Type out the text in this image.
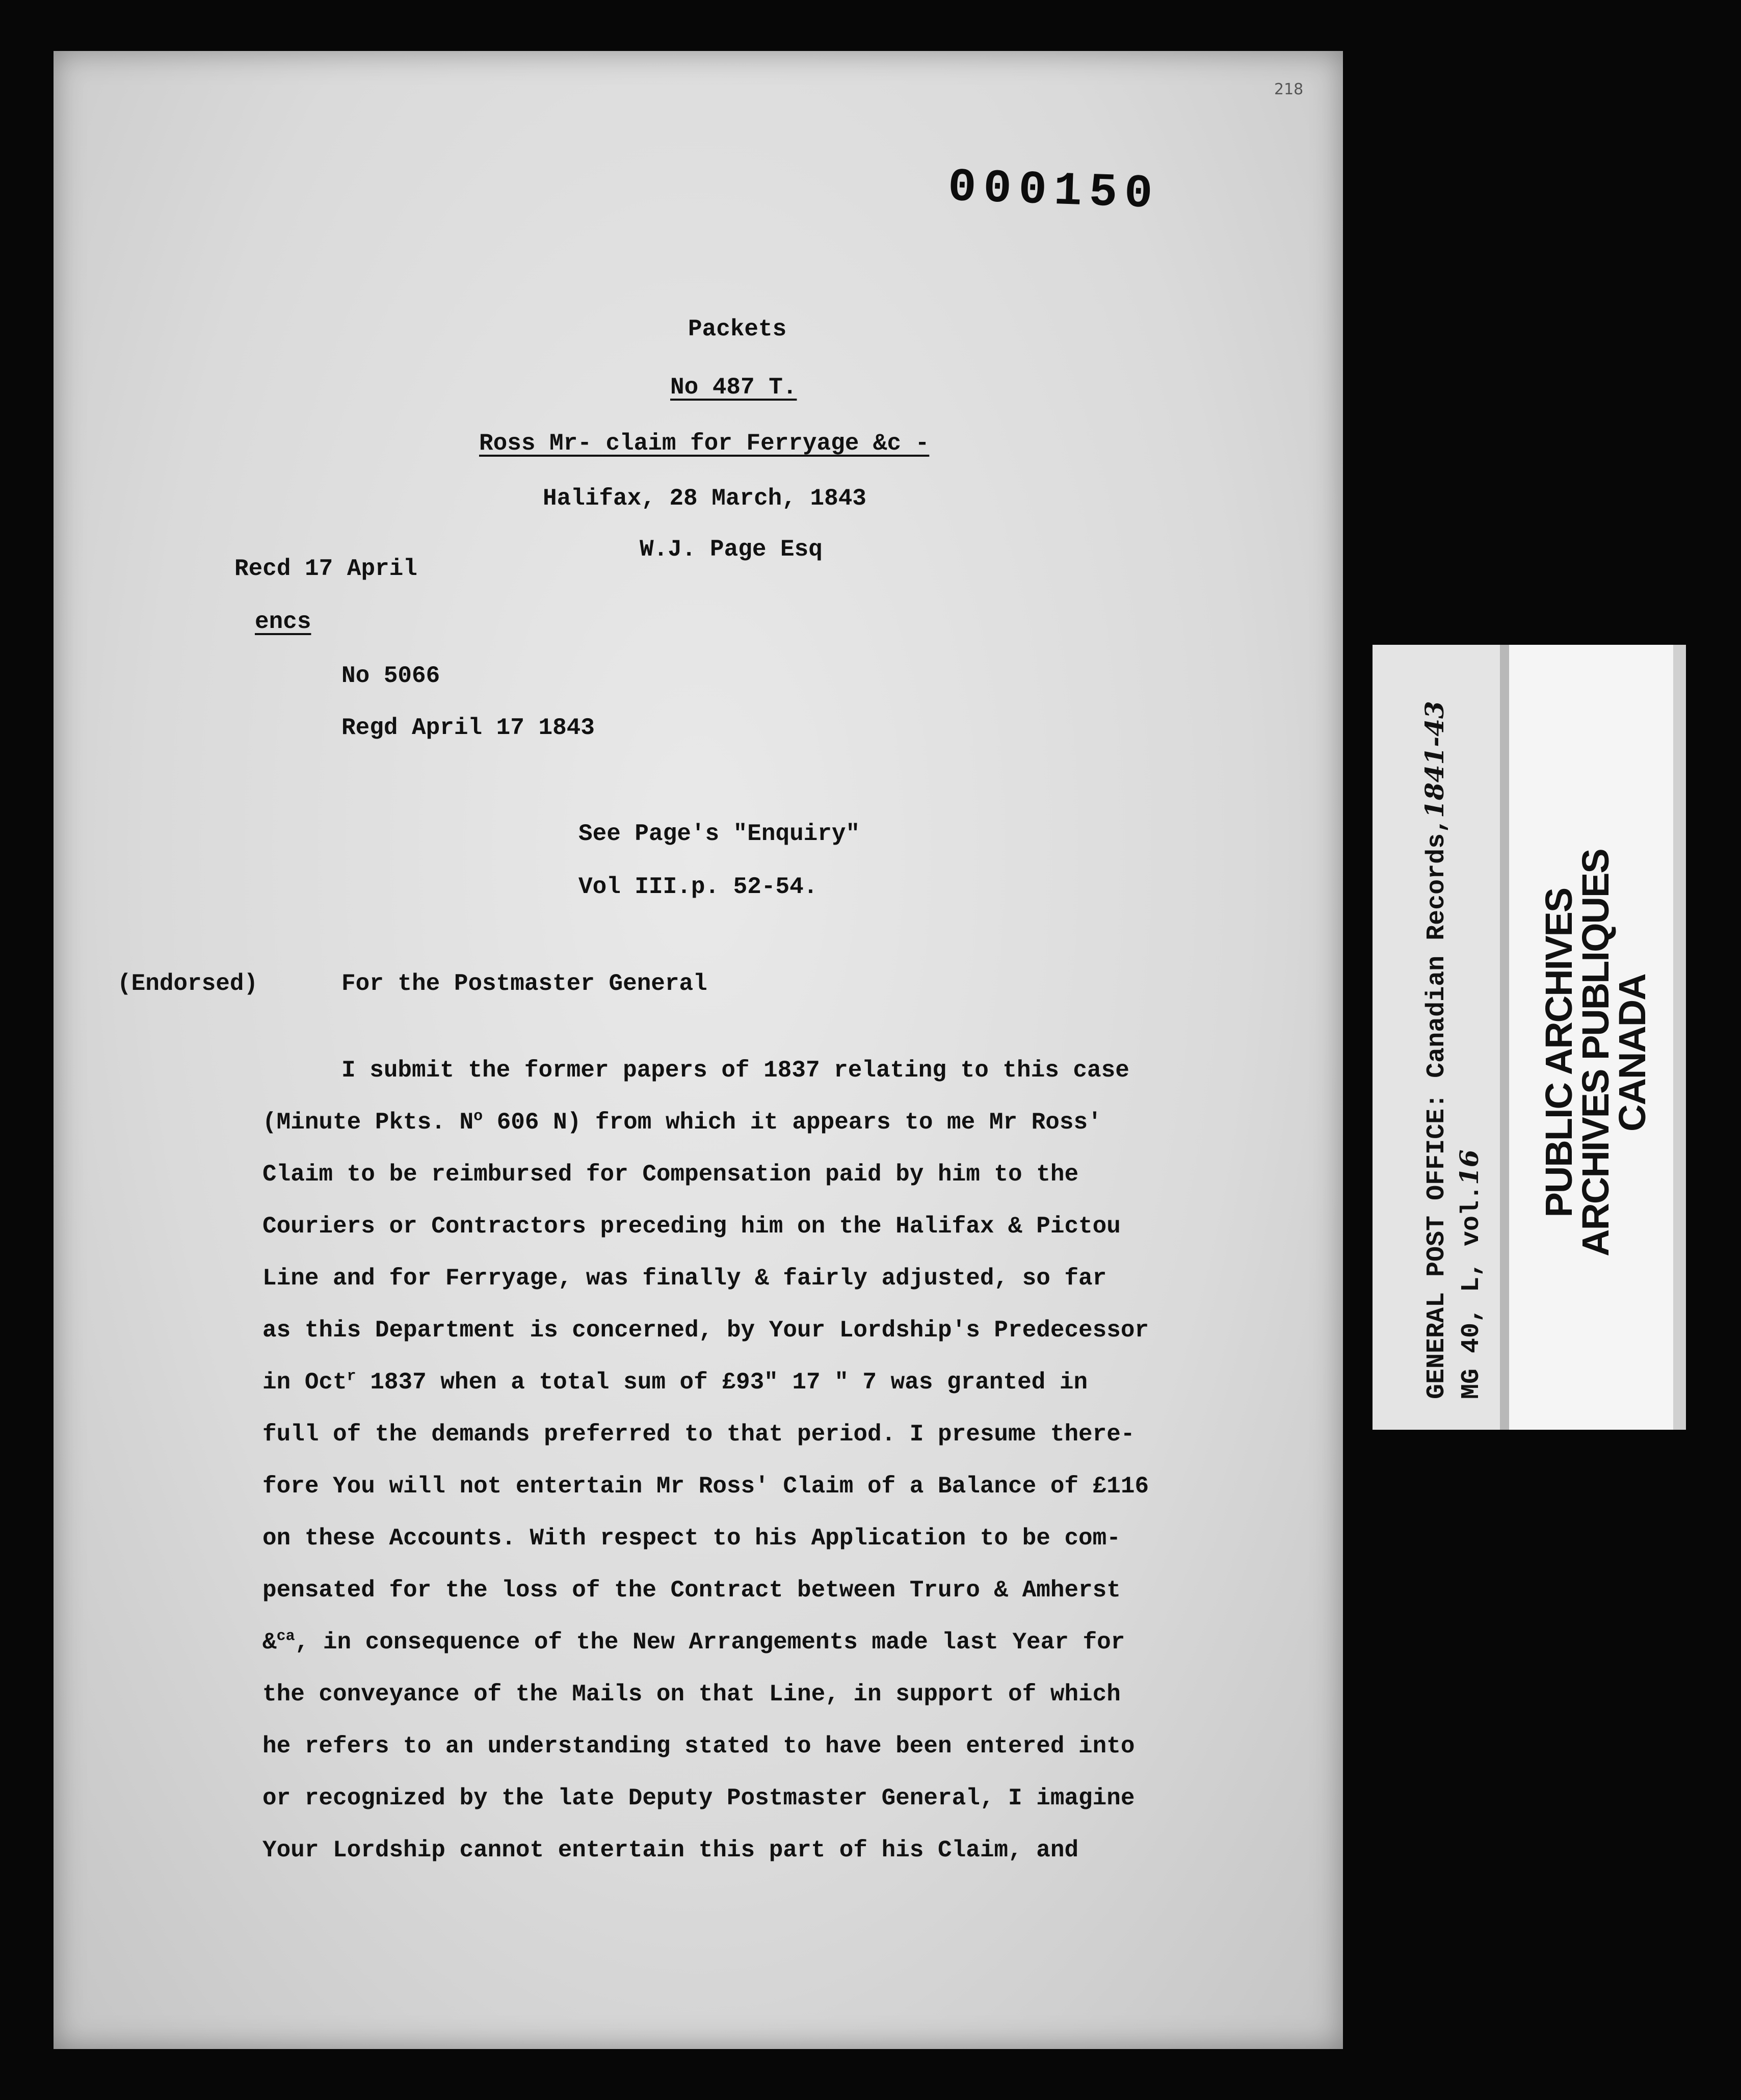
218
000150
Packets
No 487 T.
Ross Mr- claim for Ferryage &c -
Halifax, 28 March, 1843
W.J. Page Esq
Recd 17 April
encs
No 5066
Regd April 17 1843
See Page's "Enquiry"
Vol III.p. 52-54.
(Endorsed)	For the Postmaster General
I submit the former papers of 1837 relating to this case
(Minute Pkts. $N^o$ 606 N) from which it appears to me Mr Ross'
Claim to be reimbursed for Compensation paid by him to the
Couriers or Contractors preceding him on the Halifax & Pictou
Line and for Ferryage, was finally & fairly adjusted, so far
as this Department is concerned, by Your Lordship's Predecessor
in Oct$^r$ 1837 when a total sum of £93" 17 " 7 was granted in
full of the demands preferred to that period. I presume there-
fore You will not entertain Mr Ross' Claim of a Balance of £116
on these Accounts. With respect to his Application to be com-
pensated for the loss of the Contract between Truro & Amherst
&$^{ca}$, in consequence of the New Arrangements made last Year for
the conveyance of the Mails on that Line, in support of which
he refers to an understanding stated to have been entered into
or recognized by the late Deputy Postmaster General, I imagine
Your Lordship cannot entertain this part of his Claim, and
GENERAL POST OFFICE: Canadian Records,1841-43
MG 40, L, vol.16 PUBLIC ARCHIVES
ARCHIVES PUBLIQUES
CANADA
